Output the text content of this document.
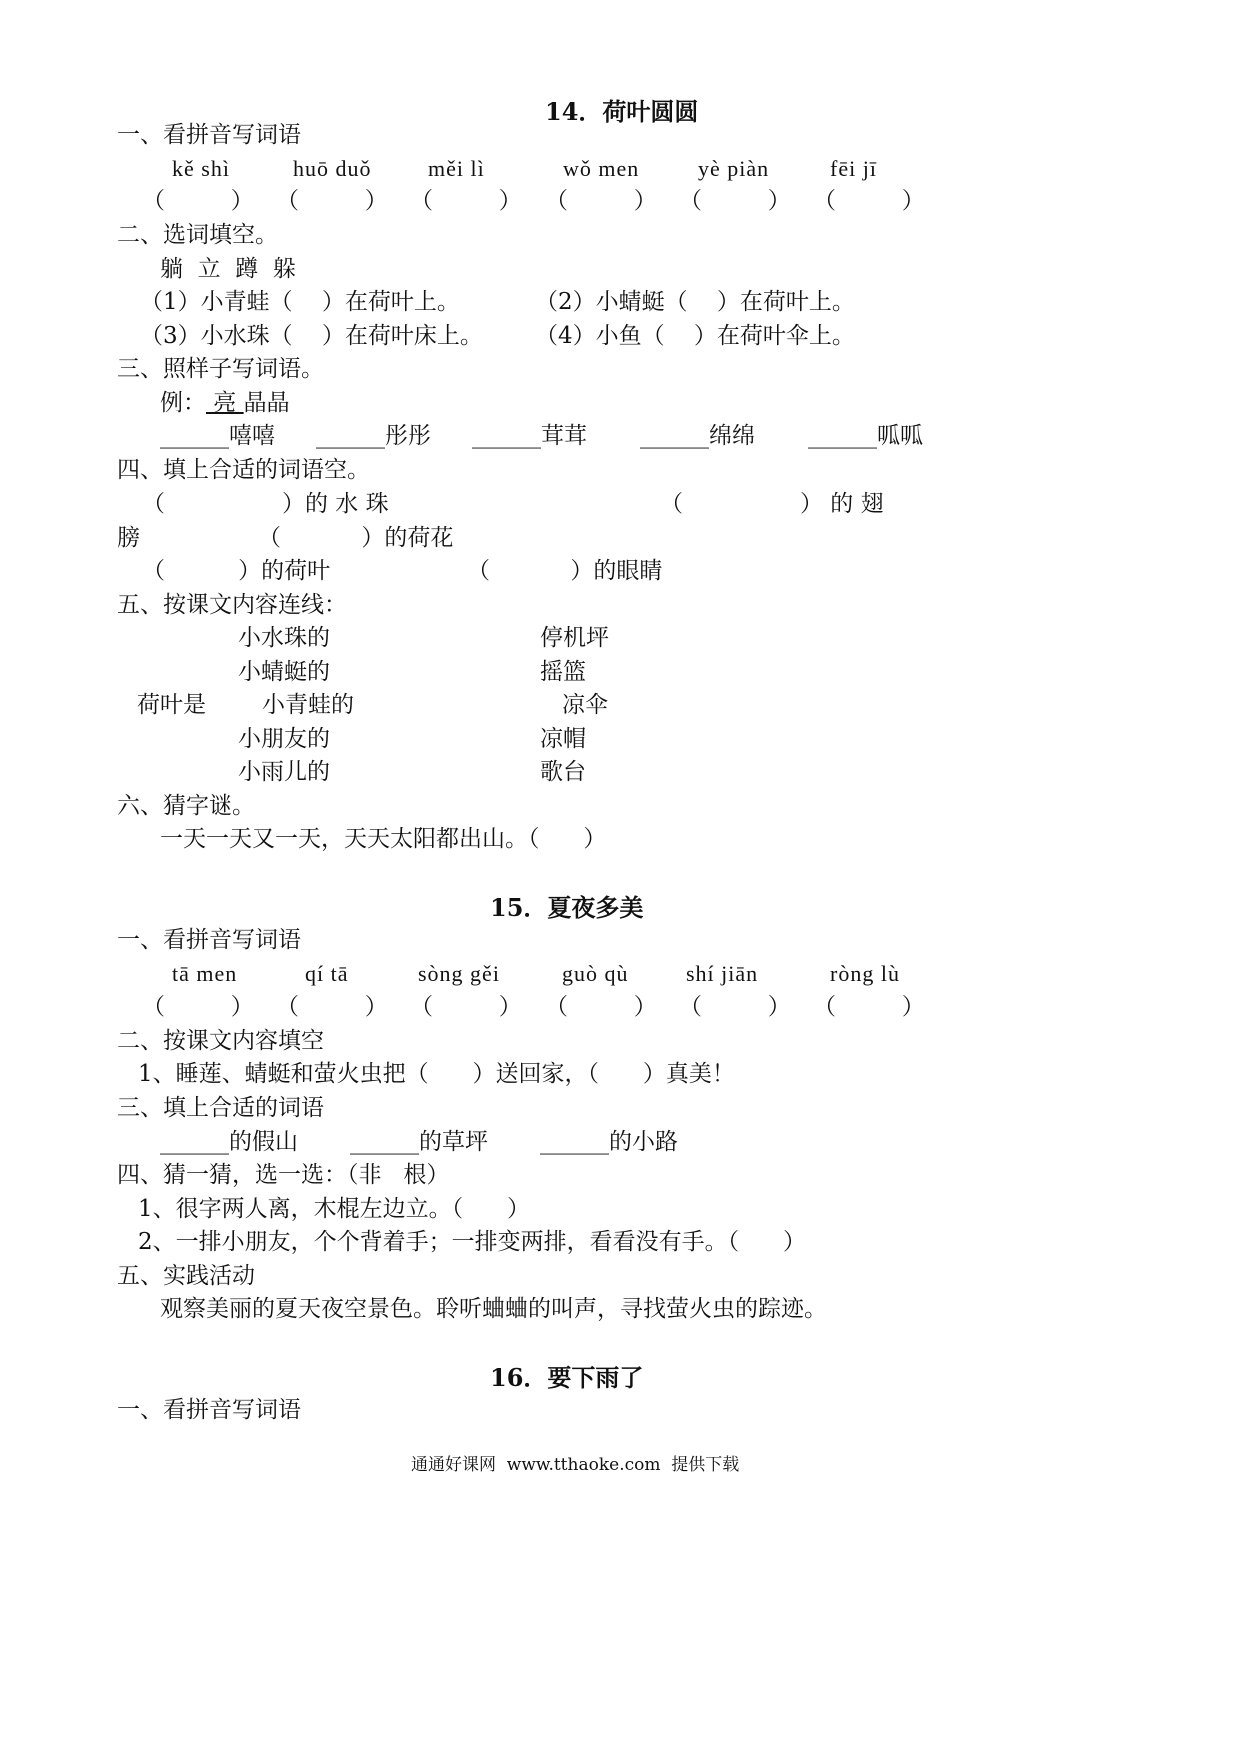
14．荷叶圆圆
一、看拼音写词语
kě shì	huō duǒ	měi lì	wǒ men	yè piàn	fēi jī
（         ） （         ） （         ） （         ） （         ） （         ）
二、选词填空。
躺  立  蹲  躲
（1）小青蛙（    ）在荷叶上。	（2）小蜻蜓（    ）在荷叶上。
（3）小水珠（    ）在荷叶床上。 （4）小鱼（    ）在荷叶伞上。
三、照样子写词语。
例： 亮 晶晶
______嘻嘻 ______彤彤 ______茸茸 ______绵绵 ______呱呱
四、填上合适的词语空。
（                ）的 水 珠	（                ） 的 翅
膀	（           ）的荷花
（          ）的荷叶	（           ）的眼睛
五、按课文内容连线：
小水珠的	停机坪
小蜻蜓的	摇篮
荷叶是 小青蛙的	凉伞
小朋友的	凉帽
小雨儿的	歌台
六、猜字谜。
一天一天又一天，天天太阳都出山。（      ）
15．夏夜多美
一、看拼音写词语
tā men	qí tā	sòng gěi	guò qù	shí jiān	ròng lù
（         ） （         ） （         ） （         ） （         ） （         ）
二、按课文内容填空
1、睡莲、蜻蜓和萤火虫把（      ）送回家，（      ）真美！
三、填上合适的词语
______的假山 ______的草坪 ______的小路
四、猜一猜，选一选：（非   根）
1、很字两人离，木棍左边立。（      ）
2、一排小朋友，个个背着手；一排变两排，看看没有手。（      ）
五、实践活动
观察美丽的夏天夜空景色。聆听蛐蛐的叫声，寻找萤火虫的踪迹。
16．要下雨了
一、看拼音写词语
通通好课网  www.tthaoke.com  提供下载
